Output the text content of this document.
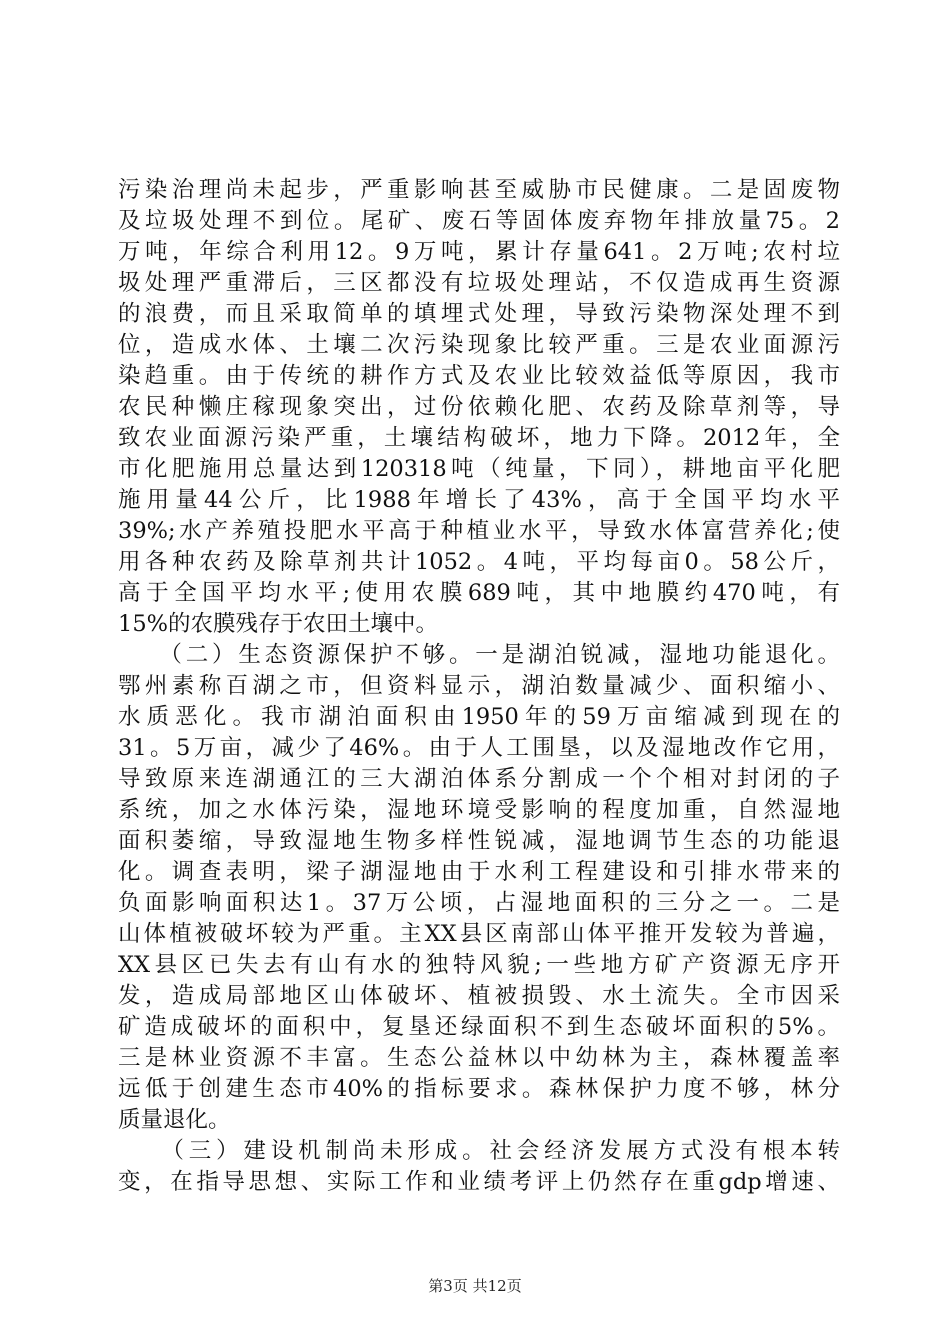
污染治理尚未起步，严重影响甚至威胁市民健康。二是固废物
及垃圾处理不到位。尾矿、废石等固体废弃物年排放量75。2
万吨，年综合利用12。9万吨，累计存量641。2万吨;农村垃
圾处理严重滞后，三区都没有垃圾处理站，不仅造成再生资源
的浪费，而且采取简单的填埋式处理，导致污染物深处理不到
位，造成水体、土壤二次污染现象比较严重。三是农业面源污
染趋重。由于传统的耕作方式及农业比较效益低等原因，我市
农民种懒庄稼现象突出，过份依赖化肥、农药及除草剂等，导
致农业面源污染严重，土壤结构破坏，地力下降。2012年，全
市化肥施用总量达到120318吨（纯量，下同），耕地亩平化肥
施用量44公斤，比1988年增长了43%，高于全国平均水平
39%;水产养殖投肥水平高于种植业水平，导致水体富营养化;使
用各种农药及除草剂共计1052。4吨，平均每亩0。58公斤，
高于全国平均水平;使用农膜689吨，其中地膜约470吨，有
15%的农膜残存于农田土壤中。
　　（二）生态资源保护不够。一是湖泊锐减，湿地功能退化。
鄂州素称百湖之市，但资料显示，湖泊数量减少、面积缩小、
水质恶化。我市湖泊面积由1950年的59万亩缩减到现在的
31。5万亩，减少了46%。由于人工围垦，以及湿地改作它用，
导致原来连湖通江的三大湖泊体系分割成一个个相对封闭的子
系统，加之水体污染，湿地环境受影响的程度加重，自然湿地
面积萎缩，导致湿地生物多样性锐减，湿地调节生态的功能退
化。调查表明，梁子湖湿地由于水利工程建设和引排水带来的
负面影响面积达1。37万公顷，占湿地面积的三分之一。二是
山体植被破坏较为严重。主XX县区南部山体平推开发较为普遍，
XX县区已失去有山有水的独特风貌;一些地方矿产资源无序开
发，造成局部地区山体破坏、植被损毁、水土流失。全市因采
矿造成破坏的面积中，复垦还绿面积不到生态破坏面积的5%。
三是林业资源不丰富。生态公益林以中幼林为主，森林覆盖率
远低于创建生态市40%的指标要求。森林保护力度不够，林分
质量退化。
　　（三）建设机制尚未形成。社会经济发展方式没有根本转
变，在指导思想、实际工作和业绩考评上仍然存在重gdp增速、
第3页 共12页
